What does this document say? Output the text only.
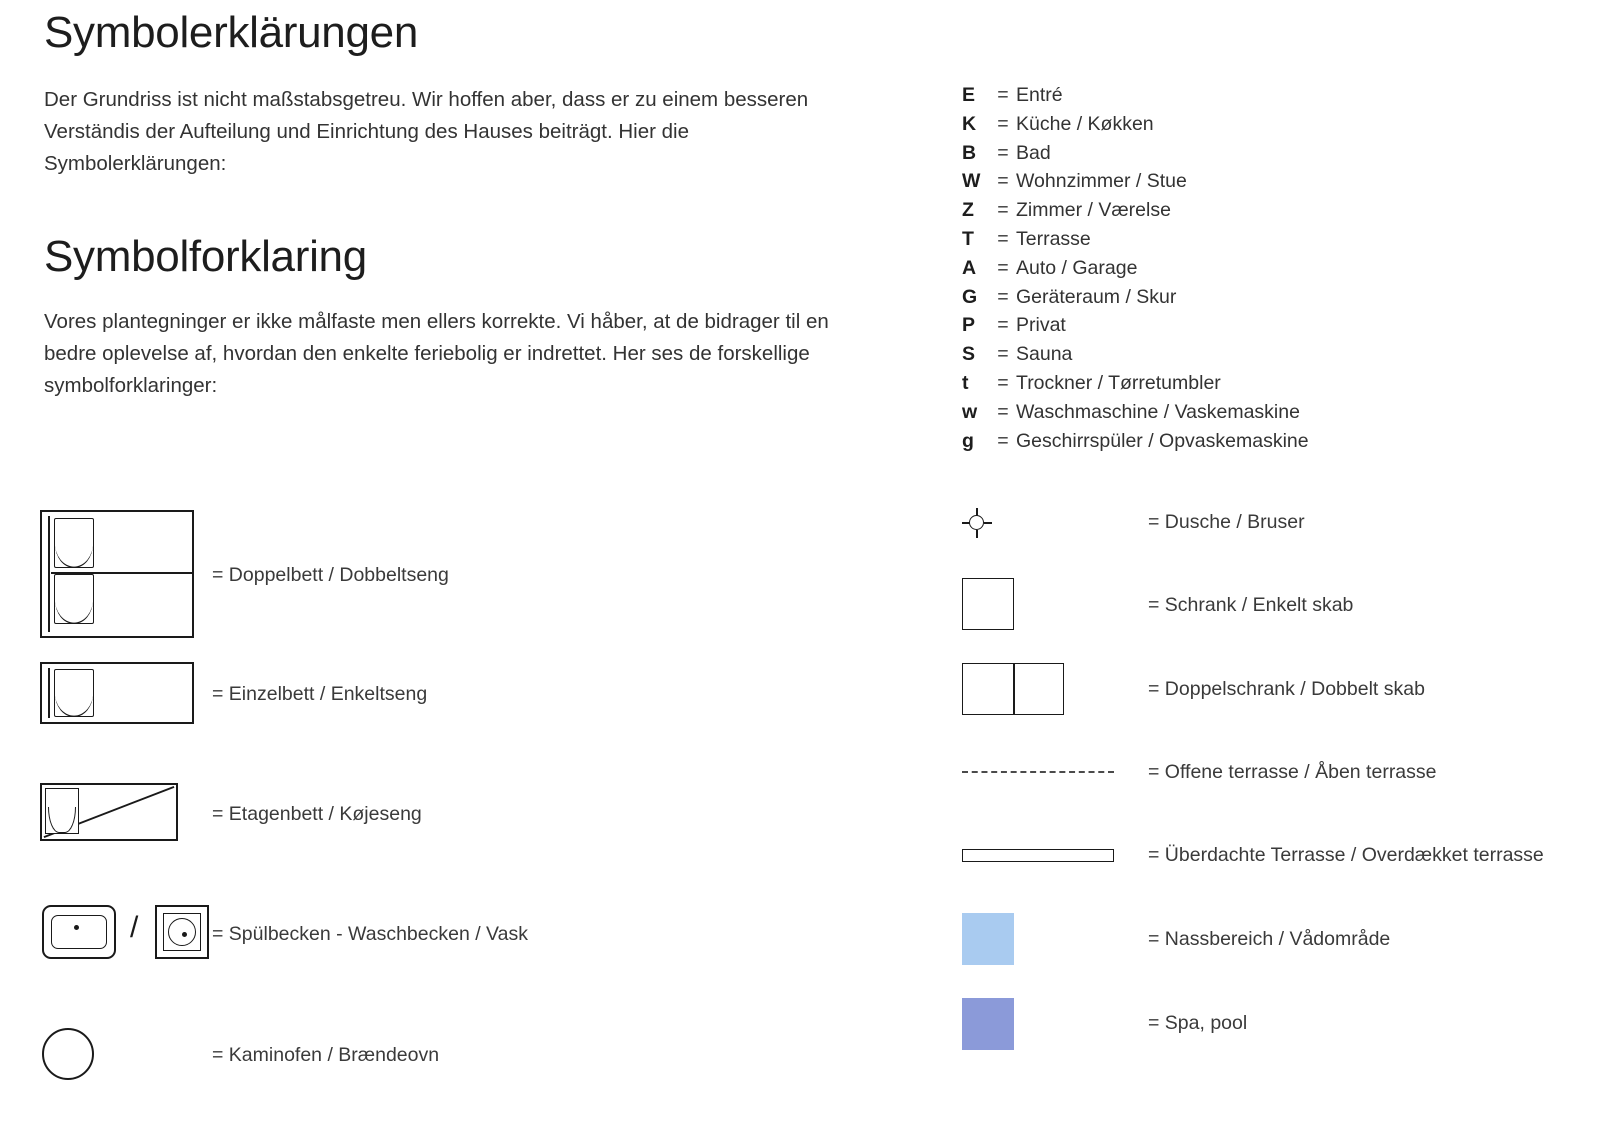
Symbolerklärungen

Der Grundriss ist nicht maßstabsgetreu. Wir hoffen aber, dass er zu einem besseren Verständis der Aufteilung und Einrichtung des Hauses beiträgt. Hier die Symbolerklärungen:

Symbolforklaring

Vores plantegninger er ikke målfaste men ellers korrekte. Vi håber, at de bidrager til en bedre oplevelse af, hvordan den enkelte feriebolig er indrettet. Her ses de forskellige symbolforklaringer:

= Doppelbett / Dobbeltseng
= Einzelbett / Enkeltseng
= Etagenbett / Køjeseng
/	= Spülbecken - Waschbecken / Vask
= Kaminofen / Brændeovn
E	= Entré
K	= Küche / Køkken
B	= Bad
W = Wohnzimmer / Stue
Z	= Zimmer / Værelse
T	= Terrasse
A	= Auto / Garage
G	= Geräteraum / Skur
P	= Privat
S	= Sauna
t	= Trockner / Tørretumbler
w	= Waschmaschine / Vaskemaskine
g	= Geschirrspüler / Opvaskemaskine
= Dusche / Bruser
= Schrank / Enkelt skab
= Doppelschrank / Dobbelt skab
= Offene terrasse / Åben terrasse
= Überdachte Terrasse / Overdækket terrasse
= Nassbereich / Vådområde
= Spa, pool
